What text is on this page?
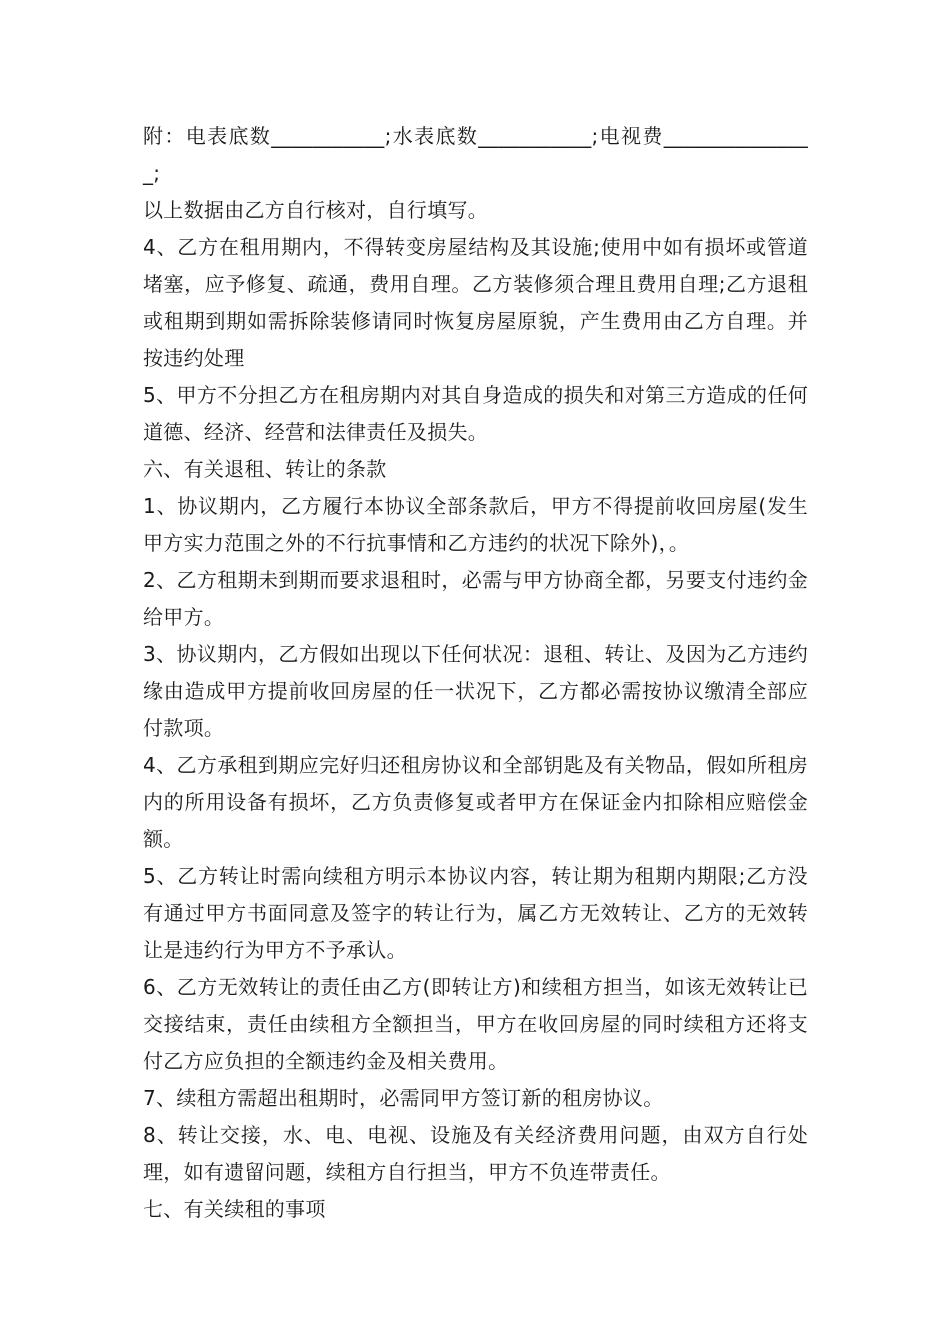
附：电表底数___________;水表底数___________;电视费_______________;

以上数据由乙方自行核对，自行填写。

4、乙方在租用期内，不得转变房屋结构及其设施;使用中如有损坏或管道堵塞，应予修复、疏通，费用自理。乙方装修须合理且费用自理;乙方退租或租期到期如需拆除装修请同时恢复房屋原貌，产生费用由乙方自理。并按违约处理

5、甲方不分担乙方在租房期内对其自身造成的损失和对第三方造成的任何道德、经济、经营和法律责任及损失。

六、有关退租、转让的条款

1、协议期内，乙方履行本协议全部条款后，甲方不得提前收回房屋(发生甲方实力范围之外的不行抗事情和乙方违约的状况下除外)，。

2、乙方租期未到期而要求退租时，必需与甲方协商全都，另要支付违约金给甲方。

3、协议期内，乙方假如出现以下任何状况：退租、转让、及因为乙方违约缘由造成甲方提前收回房屋的任一状况下，乙方都必需按协议缴清全部应付款项。

4、乙方承租到期应完好归还租房协议和全部钥匙及有关物品，假如所租房内的所用设备有损坏，乙方负责修复或者甲方在保证金内扣除相应赔偿金额。

5、乙方转让时需向续租方明示本协议内容，转让期为租期内期限;乙方没有通过甲方书面同意及签字的转让行为，属乙方无效转让、乙方的无效转让是违约行为甲方不予承认。

6、乙方无效转让的责任由乙方(即转让方)和续租方担当，如该无效转让已交接结束，责任由续租方全额担当，甲方在收回房屋的同时续租方还将支付乙方应负担的全额违约金及相关费用。

7、续租方需超出租期时，必需同甲方签订新的租房协议。

8、转让交接，水、电、电视、设施及有关经济费用问题，由双方自行处理，如有遗留问题，续租方自行担当，甲方不负连带责任。

七、有关续租的事项
